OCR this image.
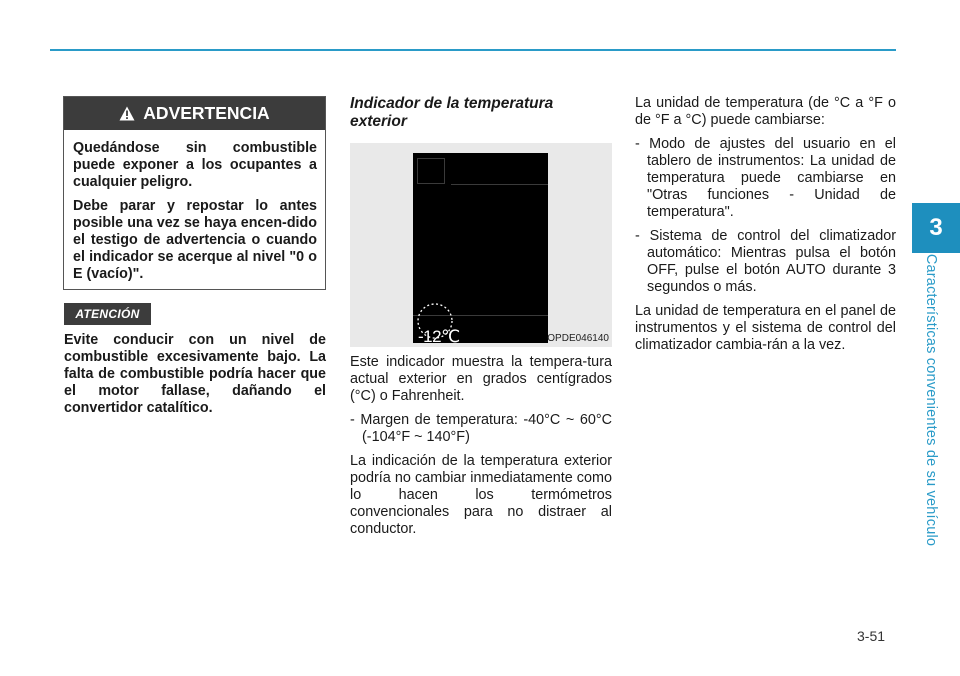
3
Características convenientes de su vehículo
ADVERTENCIA

Quedándose sin combustible puede exponer a los ocupantes a cualquier peligro.

Debe parar y repostar lo antes posible una vez se haya encen-dido el testigo de advertencia o cuando el indicador se acerque al nivel "0 o E (vacío)".

ATENCIÓN

Evite conducir con un nivel de combustible excesivamente bajo. La falta de combustible podría hacer que el motor fallase, dañando el convertidor catalítico.

Indicador de la temperatura exterior
-12℃	OPDE046140

Este indicador muestra la tempera-tura actual exterior en grados centígrados (°C) o Fahrenheit.

- Margen de temperatura: -40°C ~ 60°C (-104°F ~ 140°F)

La indicación de la temperatura exterior podría no cambiar inmediatamente como lo hacen los termómetros convencionales para no distraer al conductor.

La unidad de temperatura (de °C a °F o de °F a °C) puede cambiarse:

- Modo de ajustes del usuario en el tablero de instrumentos: La unidad de temperatura puede cambiarse en "Otras funciones - Unidad de temperatura".

- Sistema de control del climatizador automático: Mientras pulsa el botón OFF, pulse el botón AUTO durante 3 segundos o más.

La unidad de temperatura en el panel de instrumentos y el sistema de control del climatizador cambia-rán a la vez.

3-51
